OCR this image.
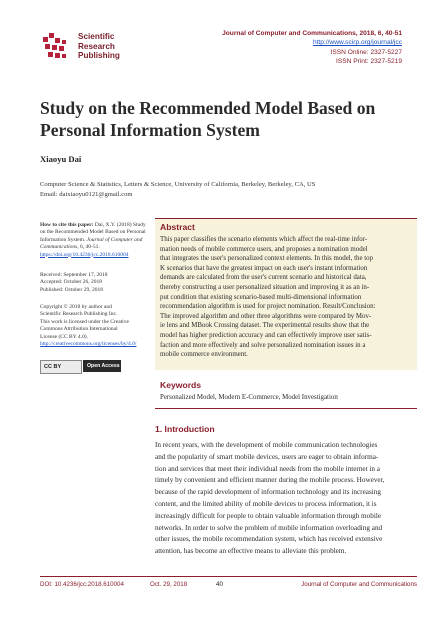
Scientific
Research
Publishing
Journal of Computer and Communications, 2018, 6, 40-51
http://www.scirp.org/journal/jcc
ISSN Online: 2327-5227
ISSN Print: 2327-5219
Study on the Recommended Model Based on Personal Information System
Xiaoyu Dai
Computer Science & Statistics, Letters & Science, University of California, Berkeley, Berkeley, CA, US
Email: daixiaoyu0121@gmail.com
How to cite this paper: Dai, X.Y. (2018) Study on the Recommended Model Based on Personal Information System. Journal of Computer and Communications, 6, 40-51. https://doi.org/10.4236/jcc.2018.610004
Received: September 17, 2018
Accepted: October 26, 2018
Published: October 29, 2018
Copyright © 2018 by author and
Scientific Research Publishing Inc.
This work is licensed under the Creative
Commons Attribution International
License (CC BY 4.0).
http://creativecommons.org/licenses/by/4.0/
CC BY	Open Access
Abstract
This paper classifies the scenario elements which affect the real-time infor-
mation needs of mobile commerce users, and proposes a nomination model
that integrates the user's personalized context elements. In this model, the top
K scenarios that have the greatest impact on each user's instant information
demands are calculated from the user's current scenario and historical data,
thereby constructing a user personalized situation and improving it as an in-
put condition that existing scenario-based multi-dimensional information
recommendation algorithm is used for project nomination. Result/Conclusion:
The improved algorithm and other three algorithms were compared by Mov-
ie lens and MBook Crossing dataset. The experimental results show that the
model has higher prediction accuracy and can effectively improve user satis-
faction and more effectively and solve personalized nomination issues in a
mobile commerce environment.
Keywords
Personalized Model, Modern E-Commerce, Model Investigation
1. Introduction
In recent years, with the development of mobile communication technologies
and the popularity of smart mobile devices, users are eager to obtain informa-
tion and services that meet their individual needs from the mobile internet in a
timely by convenient and efficient manner during the mobile process. However,
because of the rapid development of information technology and its increasing
content, and the limited ability of mobile devices to process information, it is
increasingly difficult for people to obtain valuable information through mobile
networks. In order to solve the problem of mobile information overloading and
other issues, the mobile recommendation system, which has received extensive
attention, has become an effective means to alleviate this problem.
DOI: 10.4236/jcc.2018.610004	Oct. 29, 2018	40	Journal of Computer and Communications
